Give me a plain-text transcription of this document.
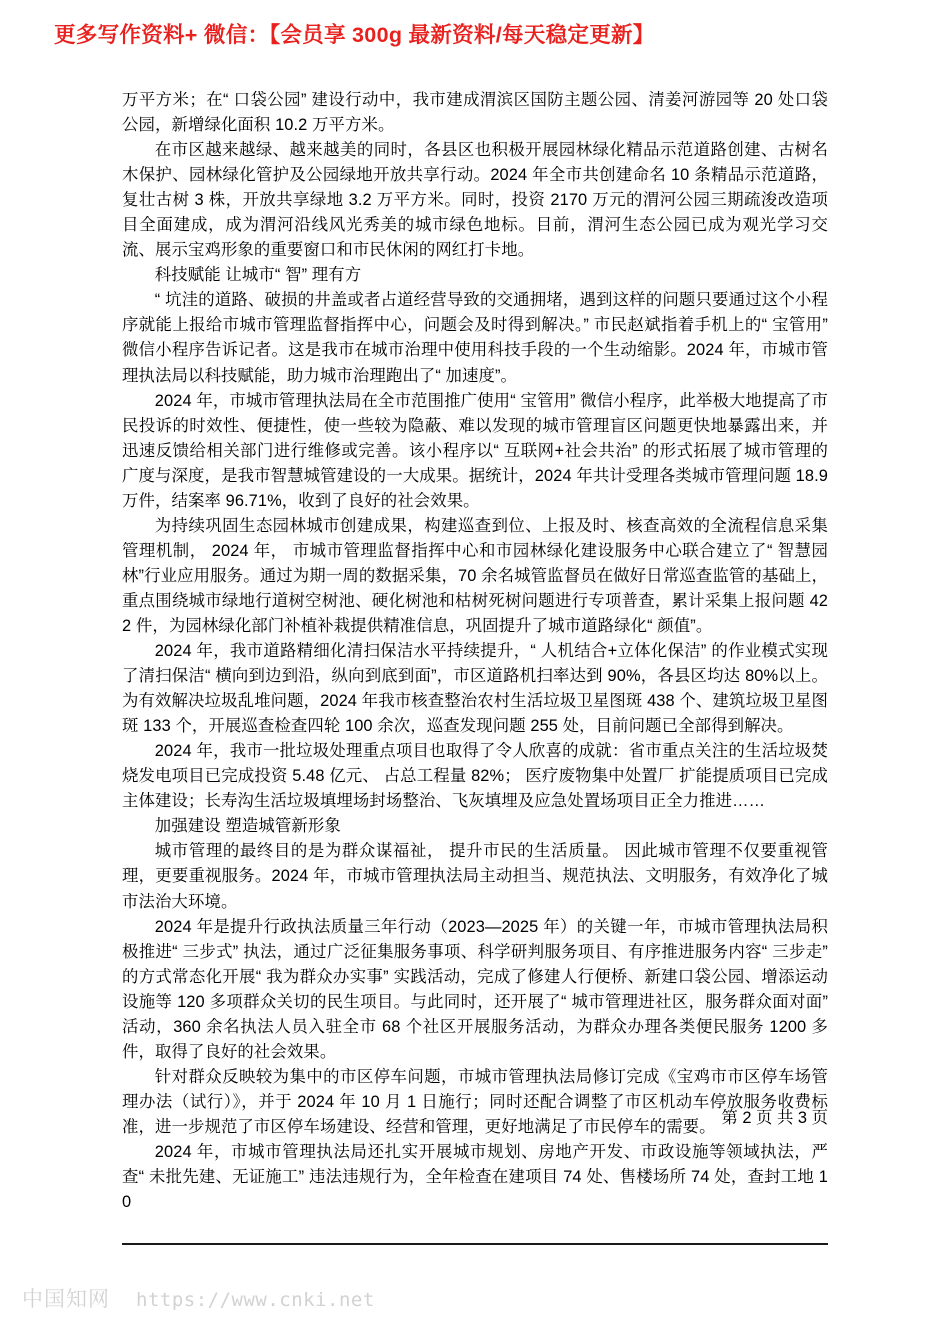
更多写作资料+ 微信：【会员享 300g 最新资料/每天稳定更新】

万平方米；在“ 口袋公园” 建设行动中，我市建成渭滨区国防主题公园、清姜河游园等 20 处口袋公园，新增绿化面积 10.2 万平方米。

在市区越来越绿、越来越美的同时，各县区也积极开展园林绿化精品示范道路创建、古树名木保护、园林绿化管护及公园绿地开放共享行动。2024 年全市共创建命名 10 条精品示范道路，复壮古树 3 株，开放共享绿地 3.2 万平方米。同时，投资 2170 万元的渭河公园三期疏浚改造项目全面建成，成为渭河沿线风光秀美的城市绿色地标。目前，渭河生态公园已成为观光学习交流、展示宝鸡形象的重要窗口和市民休闲的网红打卡地。

科技赋能 让城市“ 智” 理有方

“ 坑洼的道路、破损的井盖或者占道经营导致的交通拥堵，遇到这样的问题只要通过这个小程序就能上报给市城市管理监督指挥中心，问题会及时得到解决。” 市民赵斌指着手机上的“ 宝管用” 微信小程序告诉记者。这是我市在城市治理中使用科技手段的一个生动缩影。2024 年，市城市管理执法局以科技赋能，助力城市治理跑出了“ 加速度”。

2024 年，市城市管理执法局在全市范围推广使用“ 宝管用” 微信小程序，此举极大地提高了市民投诉的时效性、便捷性，使一些较为隐蔽、难以发现的城市管理盲区问题更快地暴露出来，并迅速反馈给相关部门进行维修或完善。该小程序以“ 互联网+社会共治” 的形式拓展了城市管理的广度与深度，是我市智慧城管建设的一大成果。据统计，2024 年共计受理各类城市管理问题 18.9 万件，结案率 96.71%，收到了良好的社会效果。

为持续巩固生态园林城市创建成果，构建巡查到位、上报及时、核查高效的全流程信息采集管理机制， 2024 年， 市城市管理监督指挥中心和市园林绿化建设服务中心联合建立了“ 智慧园林”行业应用服务。通过为期一周的数据采集，70 余名城管监督员在做好日常巡查监管的基础上，重点围绕城市绿地行道树空树池、硬化树池和枯树死树问题进行专项普查，累计采集上报问题 422 件，为园林绿化部门补植补栽提供精准信息，巩固提升了城市道路绿化“ 颜值”。

2024 年，我市道路精细化清扫保洁水平持续提升，“ 人机结合+立体化保洁” 的作业模式实现了清扫保洁“ 横向到边到沿，纵向到底到面”，市区道路机扫率达到 90%，各县区均达 80%以上。为有效解决垃圾乱堆问题，2024 年我市核查整治农村生活垃圾卫星图斑 438 个、建筑垃圾卫星图斑 133 个，开展巡查检查四轮 100 余次，巡查发现问题 255 处，目前问题已全部得到解决。

2024 年，我市一批垃圾处理重点项目也取得了令人欣喜的成就：省市重点关注的生活垃圾焚烧发电项目已完成投资 5.48 亿元、 占总工程量 82%； 医疗废物集中处置厂 扩能提质项目已完成主体建设；长寿沟生活垃圾填埋场封场整治、飞灰填埋及应急处置场项目正全力推进……

加强建设 塑造城管新形象

城市管理的最终目的是为群众谋福祉， 提升市民的生活质量。 因此城市管理不仅要重视管理，更要重视服务。2024 年，市城市管理执法局主动担当、规范执法、文明服务，有效净化了城市法治大环境。

2024 年是提升行政执法质量三年行动（2023—2025 年）的关键一年，市城市管理执法局积极推进“ 三步式” 执法，通过广泛征集服务事项、科学研判服务项目、有序推进服务内容“ 三步走” 的方式常态化开展“ 我为群众办实事” 实践活动，完成了修建人行便桥、新建口袋公园、增添运动设施等 120 多项群众关切的民生项目。与此同时，还开展了“ 城市管理进社区，服务群众面对面” 活动，360 余名执法人员入驻全市 68 个社区开展服务活动，为群众办理各类便民服务 1200 多件，取得了良好的社会效果。

针对群众反映较为集中的市区停车问题，市城市管理执法局修订完成《宝鸡市市区停车场管理办法（试行）》，并于 2024 年 10 月 1 日施行；同时还配合调整了市区机动车停放服务收费标准，进一步规范了市区停车场建设、经营和管理，更好地满足了市民停车的需要。

2024 年，市城市管理执法局还扎实开展城市规划、房地产开发、市政设施等领域执法，严查“ 未批先建、无证施工” 违法违规行为，全年检查在建项目 74 处、售楼场所 74 处，查封工地 10

第 2 页 共 3 页
中国知网 https://www.cnki.net
